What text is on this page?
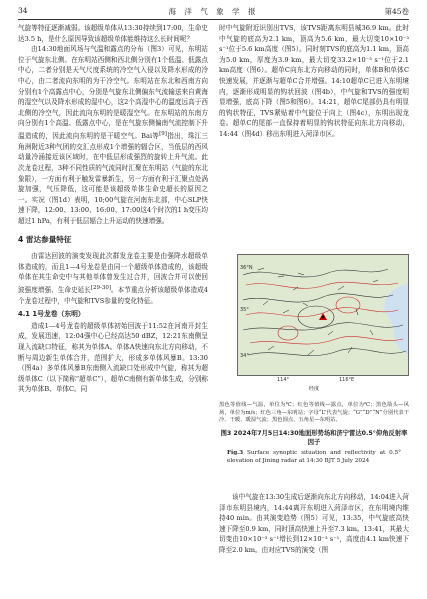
34	海 洋 气 象 学 报	第45卷

气旋等特征逐渐减弱。该超级单体从13:30持续到17:00，生命史达3.5 h，是什么原因导致该超级单体能维持这么长时间呢？

由14:30地面风场与气温和露点的分布（图3）可见，东明站位于气旋东北侧。在东明站西侧和西北侧分别有1个低温、低露点中心，二者分别是天气尺度系统的冷空气入侵以及降水形成的冷中心，由二者流向东明的为干冷空气。东明站在东北和西南方向分别有1个高露点中心，分别是气旋东北侧偏东气流输送来自黄海的湿空气以及降水形成的湿中心，这2个高湿中心的温度远高于西北侧的冷空气，因此流向东明的是暖湿空气。在东明站的东南方向分别有1个高温、低露点中心，是在气旋东侧偏南气流控制下升温造成的，因此流向东明的是干暖空气。Bai等[9]指出，珠江三角洲附近3种气团的交汇点形成1个增强的辐合区，当低层的西风动量冷涌接近该区域时，在中低层形成强烈的旋转上升气流。此次龙卷过程，3种不同性质的气流同时汇聚在东明站（气旋的东北象限），一方面有利于触发雷暴新生，另一方面有利于汇聚点处涡旋加强，气压降低，这可能是该超级单体生命史超长的原因之一。实况（图1d）表明，10;00气旋在河南东北部，中心SLP快速下降，12:00、13:00、16:00、17:00这4个时次的1 h变压均超过1 hPa，有利于低层辐合上升运动的快速增强。

4 雷达参量特征

由雷达回波的演变发现此次群发龙卷主要是由强降水超级单体造成的，而且1—4号龙卷是由同一个超级单体造成的，该超级单体在其生命史中与其他单体曾发生过合并，回波合并可以使回波强度增强、生命史延长[29-30]。本节重点分析该超级单体造成4个龙卷过程中，中气旋和TVS参量的变化特征。

4.1 1号龙卷（东明）

造成1—4号龙卷的超级单体初始回波于11:52在河南开封生成，发展迅速，12:04强中心已经高达50 dBZ，12:21东南侧呈现入流缺口特征，称其为单体A。单体A快速向东北方向移动，不断与周边新生单体合并，范围扩大，形成多单体风暴B。13:30（图4a）多单体风暴B东南侧入流缺口处形成中气旋，称其为超级单体C（以下简称“超单C”），超单C南侧有新单体生成，分别称其为单体B、单体C。同

时中气旋附近识别出TVS，该TVS距离东明县城36.9 km。此时中气旋的底高为2.1 km，顶高为5.6 km，最大切变10×10⁻³ s⁻¹位于5.6 km高度（图5）。同时刻TVS的底高为1.1 km，顶高为5.0 km，厚度为3.9 km，最大切变33.2×10⁻³ s⁻¹位于2.1 km高度（图6）。超单C向东北方向移动的同时，单体B和单体C快速发展，并逐渐与超单C合并增强。14:10超单C已进入东明境内，逐渐形成明显的钩状回波（图4b），中气旋和TVS的强度明显增强，底高下降（图5和图6）。14:21，超单C尾部仍具有明显的钩状特征，TVS紧贴着中气旋位于向上（图4c），东明出现龙卷。超单C的尾部一直保持着明显的钩状特征向东北方向移动，14:44（图4d）移出东明进入菏泽市区。

36°N
35°
34°
114°	116°E
经度
黑色等值线—气温，单位为℃；红色等值线—露点，单位为℃；黑色箭头—风场，单位为m/s；红色三角—东明站；字母“L”代表气旋；“G”“D”“N”分别代表干冷、干暖、暖湿气流；黑色圆点、五角星—东明站。
图3 2024年7月5日14:30地面形势场和济宁雷达0.5°仰角反射率因子
Fig.3 Surface synoptic situation and reflectivity at 0.5° elevation of Jining radar at 14:30 BJT 5 July 2024

该中气旋在13:30生成后逐渐向东北方向移动，14:04进入菏泽市东明县境内，14:44离开东明进入菏泽市区，在东明境内维持40 min。由其演变趋势（图5）可见，13:35，中气旋底高快速下降至0.9 km，同时顶高快速上升至7.3 km。13:41，其最大切变由10×10⁻³ s⁻¹增长到12×10⁻³ s⁻¹，高度由4.1 km快速下降至2.0 km。由对应TVS的演变（图
